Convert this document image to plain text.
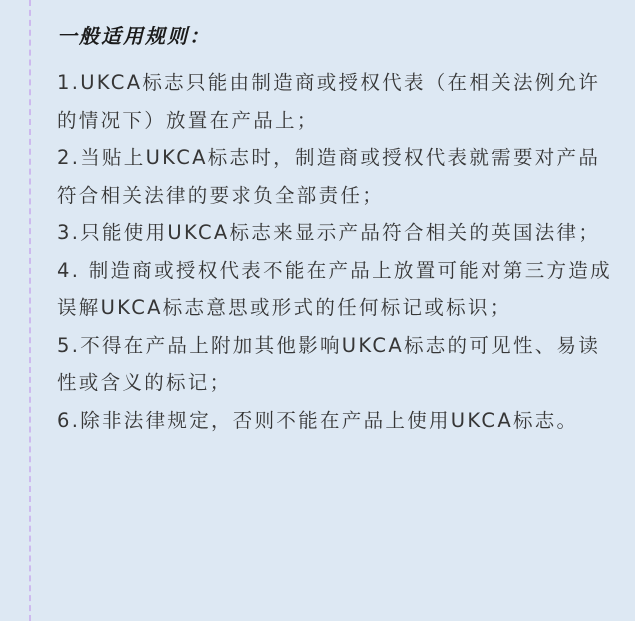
一般适用规则：
1.UKCA标志只能由制造商或授权代表（在相关法例允许的情况下）放置在产品上；
2.当贴上UKCA标志时，制造商或授权代表就需要对产品符合相关法律的要求负全部责任；
3.只能使用UKCA标志来显示产品符合相关的英国法律；
4. 制造商或授权代表不能在产品上放置可能对第三方造成误解UKCA标志意思或形式的任何标记或标识；
5.不得在产品上附加其他影响UKCA标志的可见性、易读性或含义的标记；
6.除非法律规定，否则不能在产品上使用UKCA标志。
